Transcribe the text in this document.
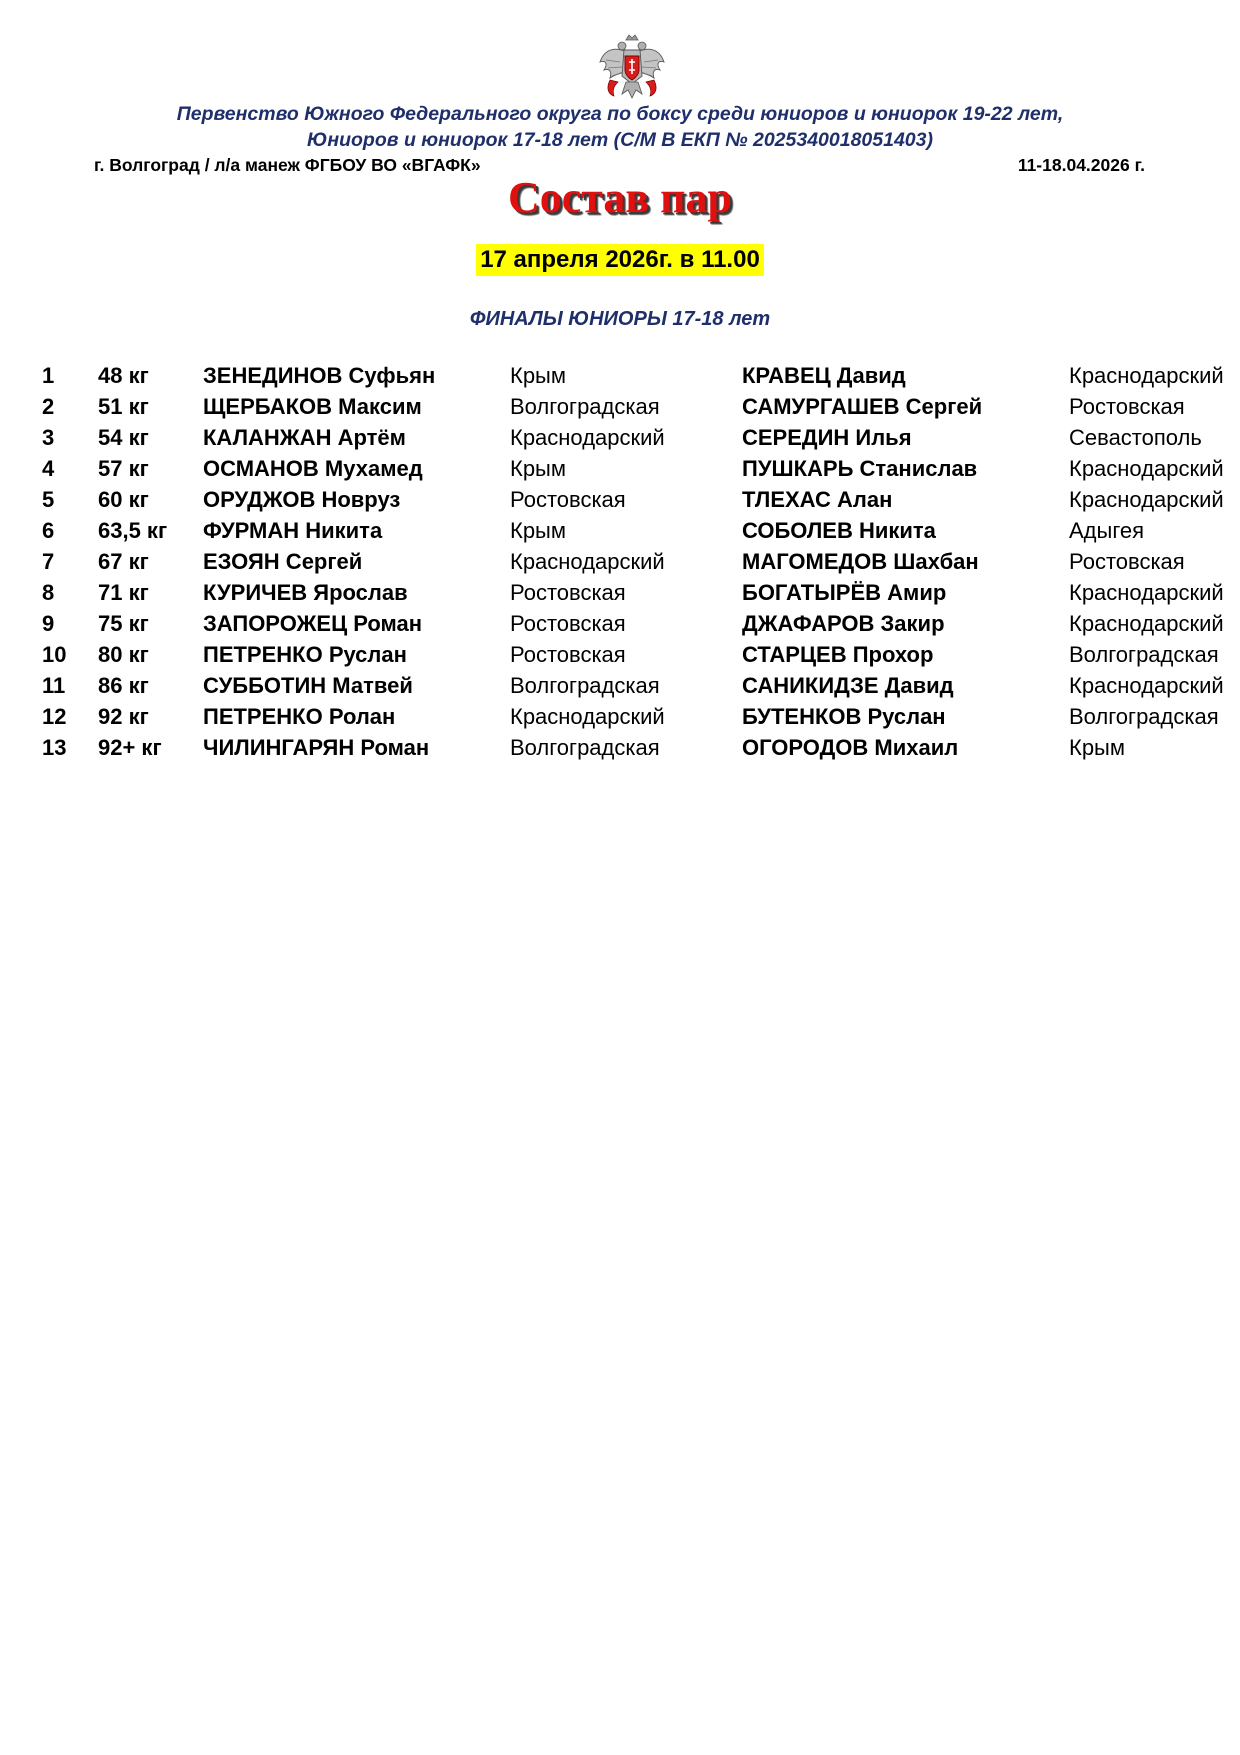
Первенство Южного Федерального округа по боксу среди юниоров и юниорок 19-22 лет,
Юниоров и юниорок 17-18 лет (С/М В ЕКП № 2025340018051403)
г. Волгоград / л/а манеж ФГБОУ ВО «ВГАФК»	11-18.04.2026 г.
Состав пар
17 апреля 2026г. в 11.00
ФИНАЛЫ ЮНИОРЫ 17-18 лет
1 48 кг ЗЕНЕДИНОВ Суфьян	Крым	КРАВЕЦ Давид	Краснодарский
2 51 кг ЩЕРБАКОВ Максим	Волгоградская	САМУРГАШЕВ Сергей	Ростовская
3 54 кг КАЛАНЖАН Артём	Краснодарский	СЕРЕДИН Илья	Севастополь
4 57 кг ОСМАНОВ Мухамед	Крым	ПУШКАРЬ Станислав	Краснодарский
5 60 кг ОРУДЖОВ Новруз	Ростовская	ТЛЕХАС Алан	Краснодарский
6 63,5 кг ФУРМАН Никита	Крым	СОБОЛЕВ Никита	Адыгея
7 67 кг ЕЗОЯН Сергей	Краснодарский	МАГОМЕДОВ Шахбан	Ростовская
8 71 кг КУРИЧЕВ Ярослав	Ростовская	БОГАТЫРЁВ Амир	Краснодарский
9 75 кг ЗАПОРОЖЕЦ Роман	Ростовская	ДЖАФАРОВ Закир	Краснодарский
10 80 кг ПЕТРЕНКО Руслан	Ростовская	СТАРЦЕВ Прохор	Волгоградская
11 86 кг СУББОТИН Матвей	Волгоградская	САНИКИДЗЕ Давид	Краснодарский
12 92 кг ПЕТРЕНКО Ролан	Краснодарский	БУТЕНКОВ Руслан	Волгоградская
13 92+ кг ЧИЛИНГАРЯН Роман	Волгоградская	ОГОРОДОВ Михаил	Крым
